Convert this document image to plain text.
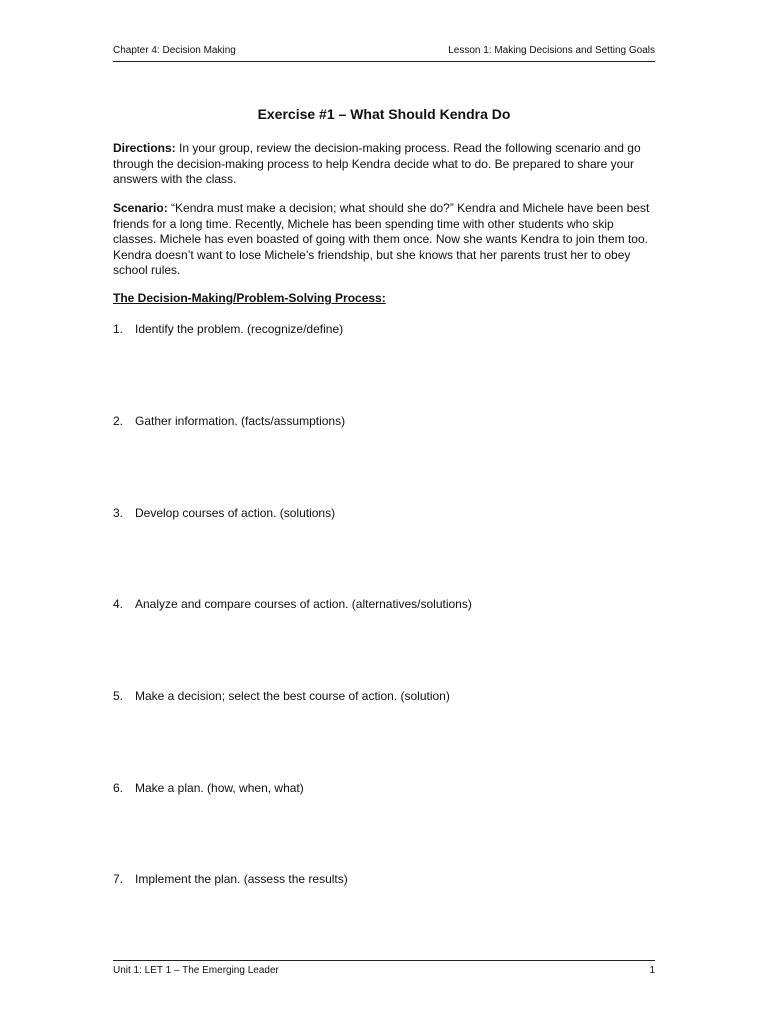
Chapter 4: Decision Making	Lesson 1: Making Decisions and Setting Goals
Exercise #1 – What Should Kendra Do

Directions: In your group, review the decision-making process. Read the following scenario and go through the decision-making process to help Kendra decide what to do. Be prepared to share your answers with the class.

Scenario: “Kendra must make a decision; what should she do?” Kendra and Michele have been best friends for a long time. Recently, Michele has been spending time with other students who skip classes. Michele has even boasted of going with them once. Now she wants Kendra to join them too. Kendra doesn’t want to lose Michele’s friendship, but she knows that her parents trust her to obey school rules.

The Decision-Making/Problem-Solving Process:
1. Identify the problem. (recognize/define)
2. Gather information. (facts/assumptions)
3. Develop courses of action. (solutions)
4. Analyze and compare courses of action. (alternatives/solutions)
5. Make a decision; select the best course of action. (solution)
6. Make a plan. (how, when, what)
7. Implement the plan. (assess the results)
Unit 1: LET 1 – The Emerging Leader	1
